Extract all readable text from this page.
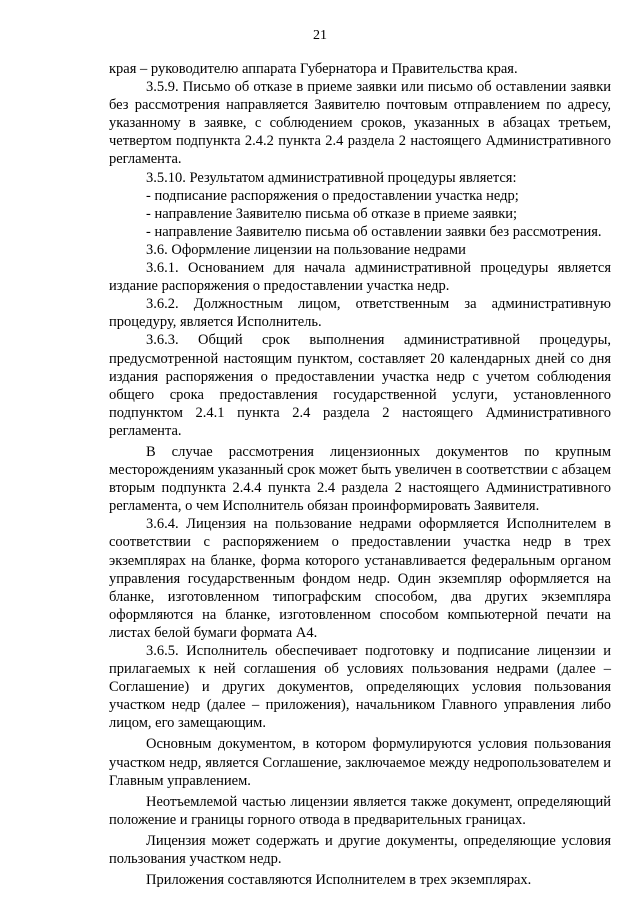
21

края – руководителю аппарата Губернатора и Правительства края.

3.5.9. Письмо об отказе в приеме заявки или письмо об оставлении заявки без рассмотрения направляется Заявителю почтовым отправлением по адресу, указанному в заявке, с соблюдением сроков, указанных в абзацах третьем, четвертом подпункта 2.4.2 пункта 2.4 раздела 2 настоящего Административного регламента.

3.5.10. Результатом административной процедуры является:

- подписание распоряжения о предоставлении участка недр;

- направление Заявителю письма об отказе в приеме заявки;

- направление Заявителю письма об оставлении заявки без рассмотрения.

3.6. Оформление лицензии на пользование недрами

3.6.1. Основанием для начала административной процедуры является издание распоряжения о предоставлении участка недр.

3.6.2. Должностным лицом, ответственным за административную процедуру, является Исполнитель.

3.6.3. Общий срок выполнения административной процедуры, предусмотренной настоящим пунктом, составляет 20 календарных дней со дня издания распоряжения о предоставлении участка недр с учетом соблюдения общего срока предоставления государственной услуги, установленного подпунктом 2.4.1 пункта 2.4 раздела 2 настоящего Административного регламента.

В случае рассмотрения лицензионных документов по крупным месторождениям указанный срок может быть увеличен в соответствии с абзацем вторым подпункта 2.4.4 пункта 2.4 раздела 2 настоящего Административного регламента, о чем Исполнитель обязан проинформировать Заявителя.

3.6.4. Лицензия на пользование недрами оформляется Исполнителем в соответствии с распоряжением о предоставлении участка недр в трех экземплярах на бланке, форма которого устанавливается федеральным органом управления государственным фондом недр. Один экземпляр оформляется на бланке, изготовленном типографским способом, два других экземпляра оформляются на бланке, изготовленном способом компьютерной печати на листах белой бумаги формата А4.

3.6.5. Исполнитель обеспечивает подготовку и подписание лицензии и прилагаемых к ней соглашения об условиях пользования недрами (далее – Соглашение) и других документов, определяющих условия пользования участком недр (далее – приложения), начальником Главного управления либо лицом, его замещающим.

Основным документом, в котором формулируются условия пользования участком недр, является Соглашение, заключаемое между недропользователем и Главным управлением.

Неотъемлемой частью лицензии является также документ, определяющий положение и границы горного отвода в предварительных границах.

Лицензия может содержать и другие документы, определяющие условия пользования участком недр.

Приложения составляются Исполнителем в трех экземплярах.
